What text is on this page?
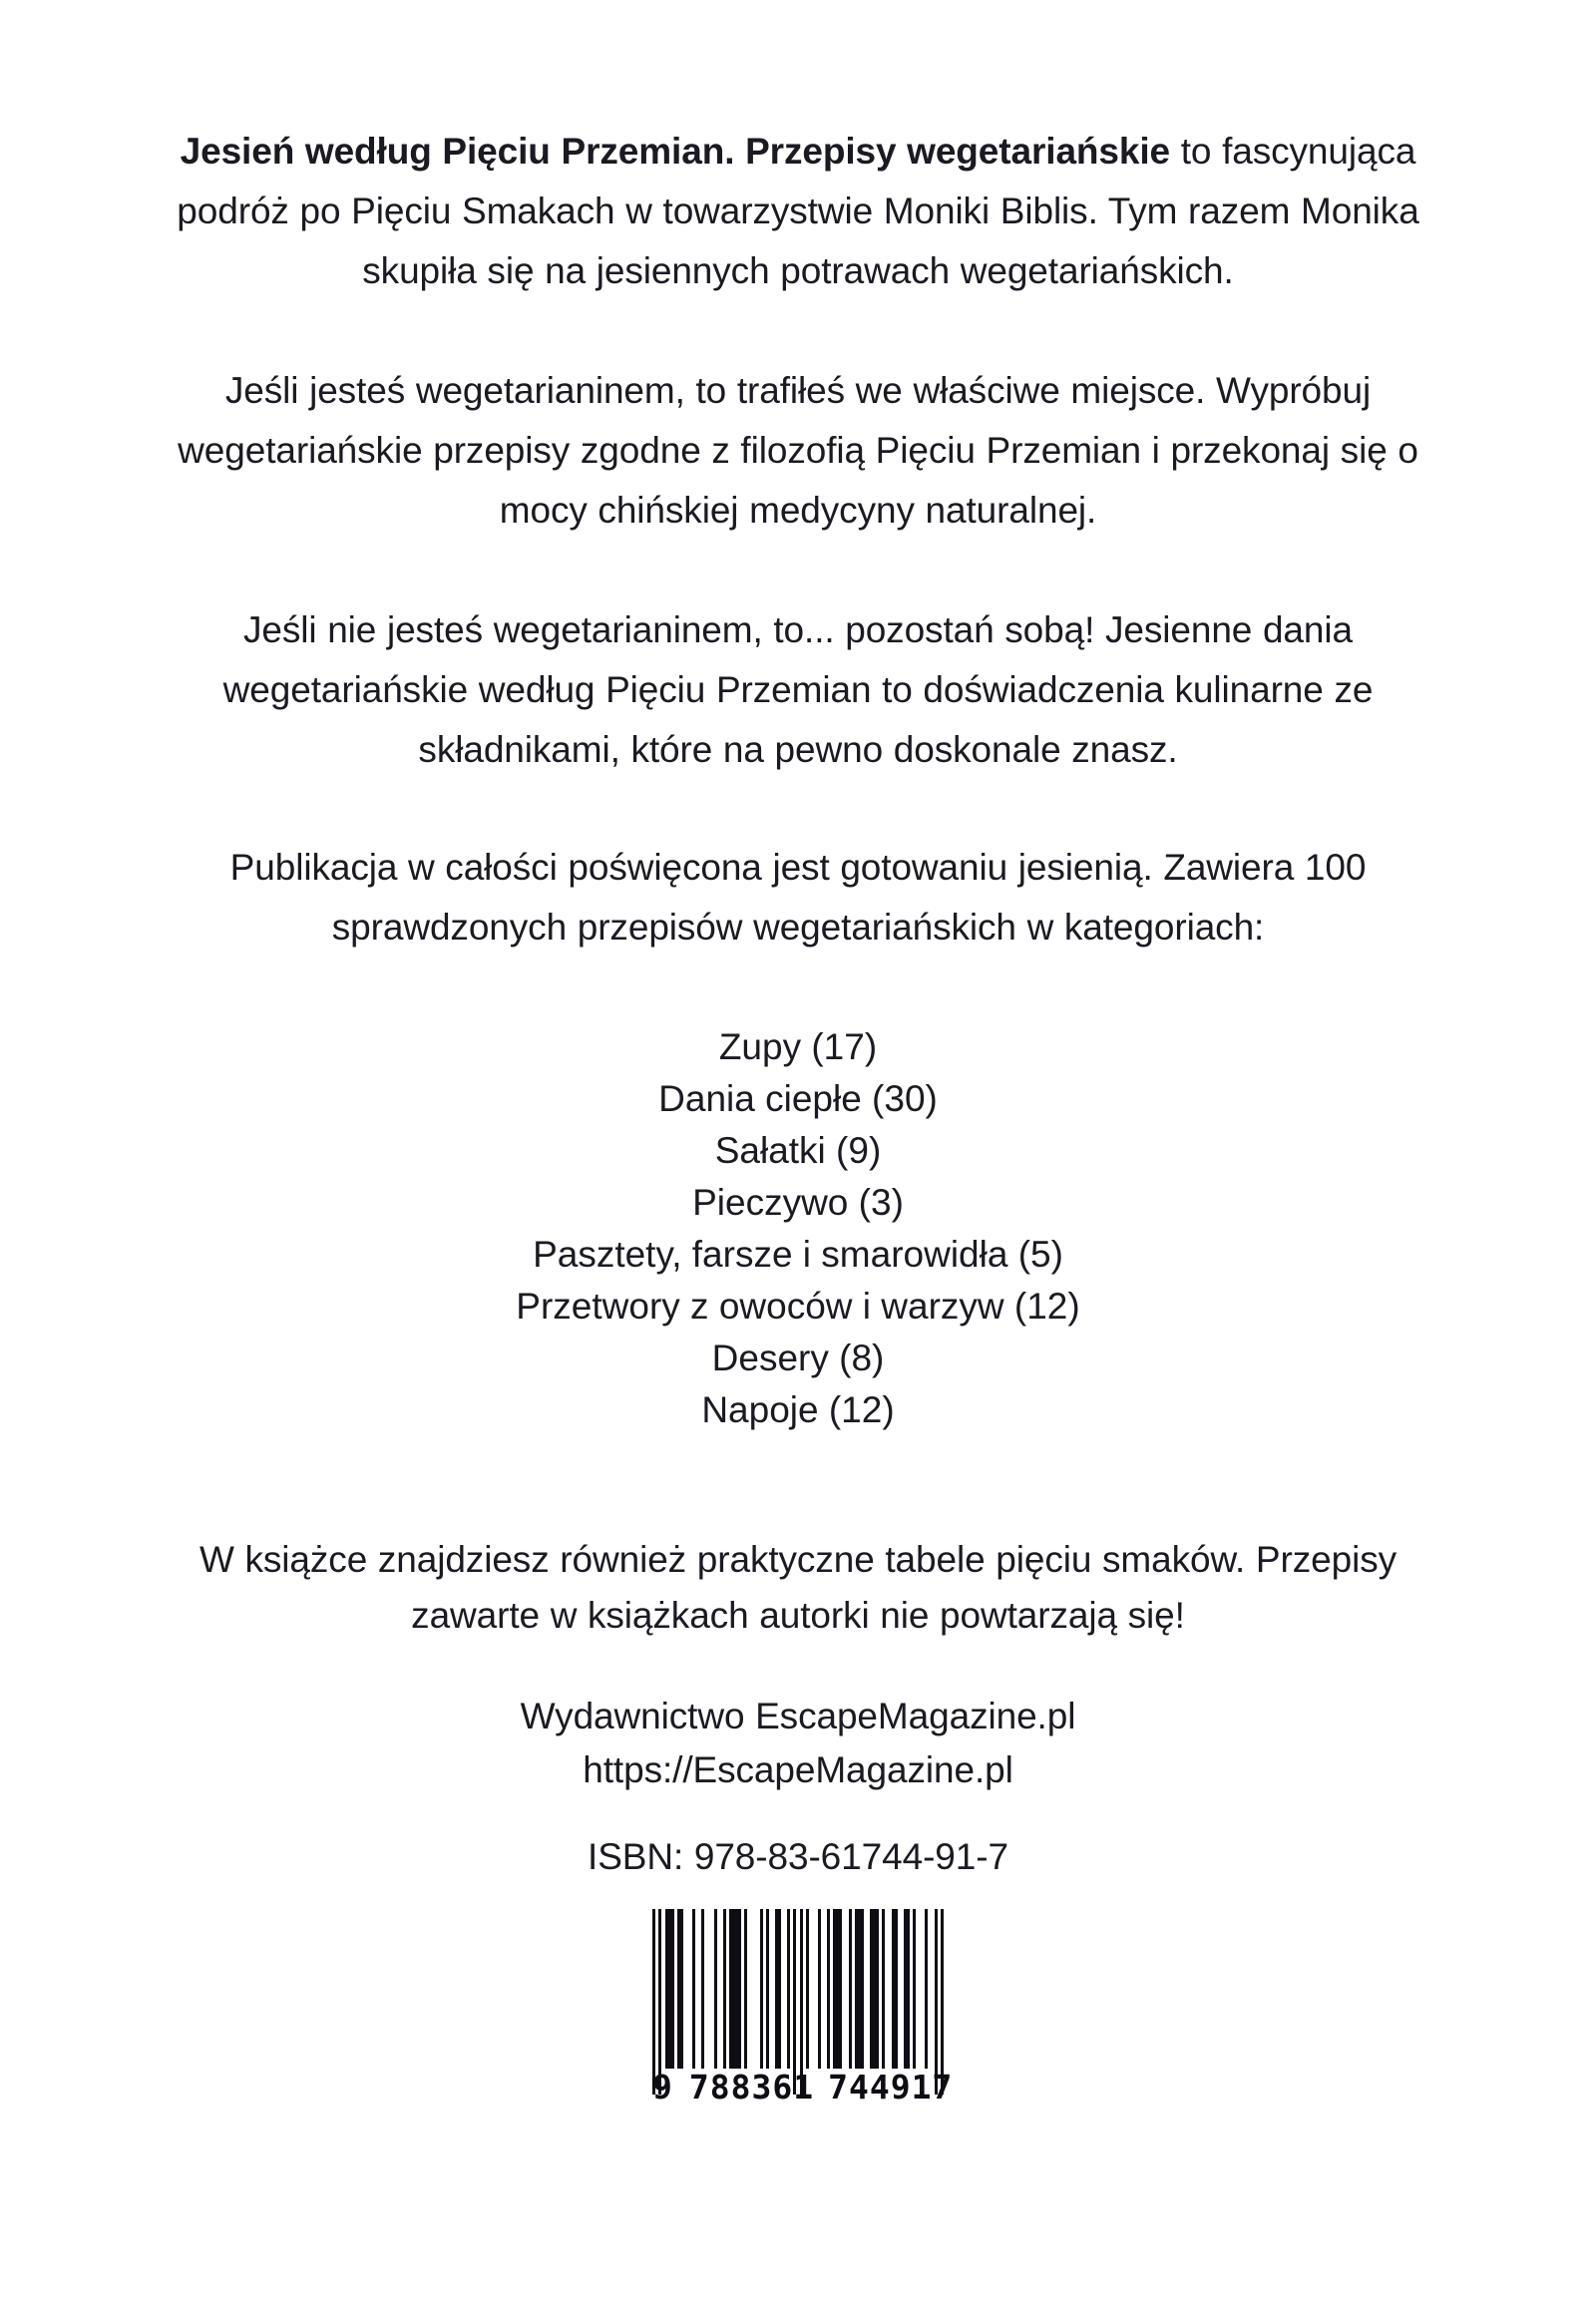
Jesień według Pięciu Przemian. Przepisy wegetariańskie to fascynująca podróż po Pięciu Smakach w towarzystwie Moniki Biblis. Tym razem Monika skupiła się na jesiennych potrawach wegetariańskich.

Jeśli jesteś wegetarianinem, to trafiłeś we właściwe miejsce. Wypróbuj wegetariańskie przepisy zgodne z filozofią Pięciu Przemian i przekonaj się o mocy chińskiej medycyny naturalnej.

Jeśli nie jesteś wegetarianinem, to... pozostań sobą! Jesienne dania wegetariańskie według Pięciu Przemian to doświadczenia kulinarne ze składnikami, które na pewno doskonale znasz.

Publikacja w całości poświęcona jest gotowaniu jesienią. Zawiera 100 sprawdzonych przepisów wegetariańskich w kategoriach:

Zupy (17)
Dania ciepłe (30)
Sałatki (9)
Pieczywo (3)
Pasztety, farsze i smarowidła (5)
Przetwory z owoców i warzyw (12)
Desery (8)
Napoje (12)

W książce znajdziesz również praktyczne tabele pięciu smaków. Przepisy zawarte w książkach autorki nie powtarzają się!

Wydawnictwo EscapeMagazine.pl

https://EscapeMagazine.pl

ISBN: 978-83-61744-91-7

9 788361 744917
